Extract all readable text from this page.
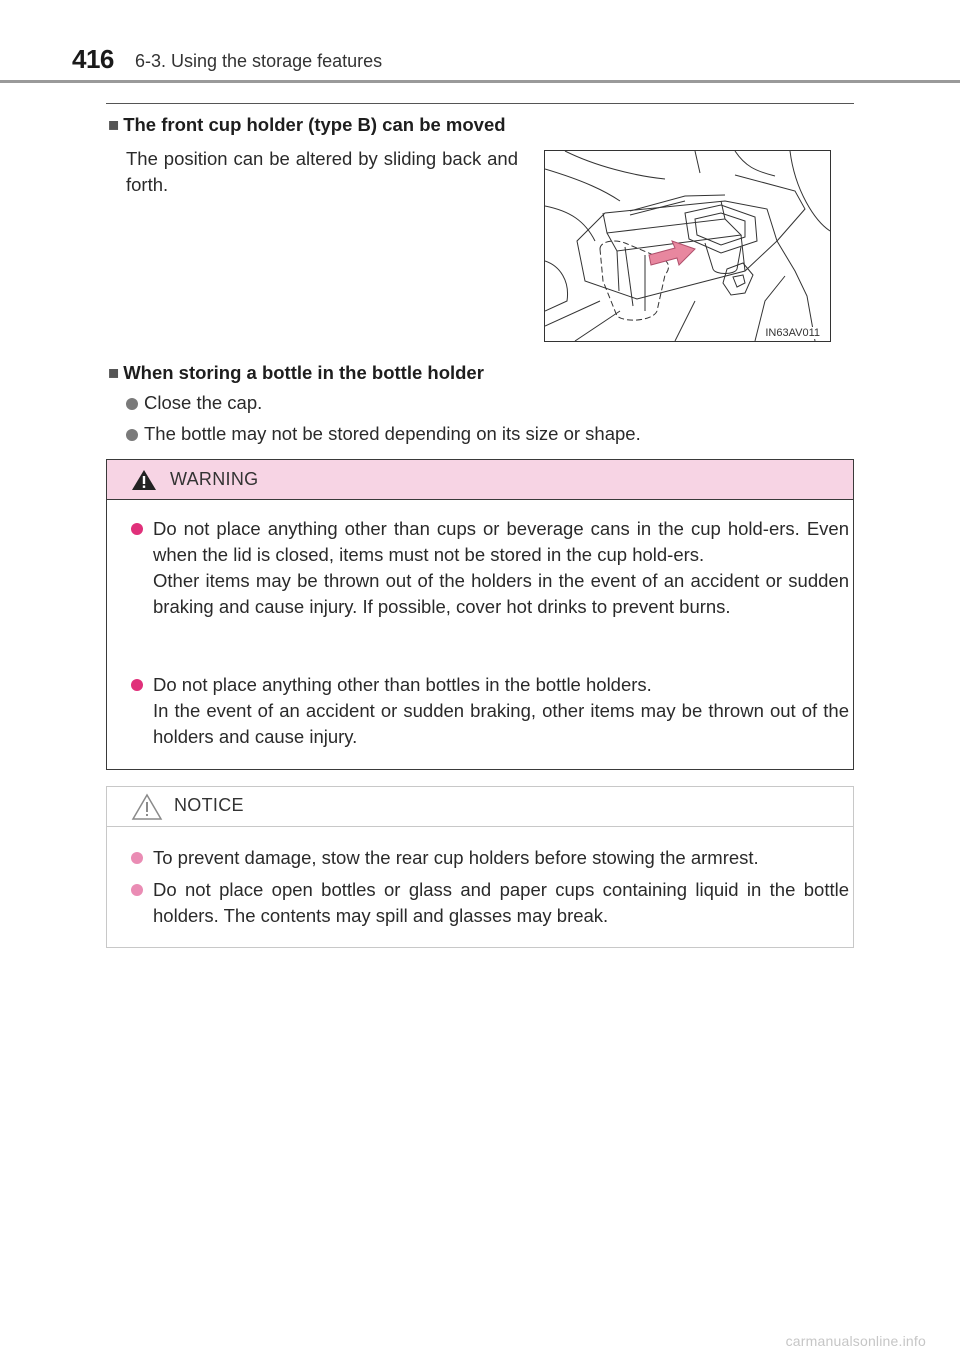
416 6-3. Using the storage features
■ The front cup holder (type B) can be moved
The position can be altered by sliding back and forth.
IN63AV011
■ When storing a bottle in the bottle holder
Close the cap.
The bottle may not be stored depending on its size or shape.
WARNING
Do not place anything other than cups or beverage cans in the cup hold-ers. Even when the lid is closed, items must not be stored in the cup hold-ers.
Other items may be thrown out of the holders in the event of an accident or sudden braking and cause injury. If possible, cover hot drinks to prevent burns.
Do not place anything other than bottles in the bottle holders.
In the event of an accident or sudden braking, other items may be thrown out of the holders and cause injury.
NOTICE
To prevent damage, stow the rear cup holders before stowing the armrest.
Do not place open bottles or glass and paper cups containing liquid in the bottle holders. The contents may spill and glasses may break.
carmanualsonline.info
